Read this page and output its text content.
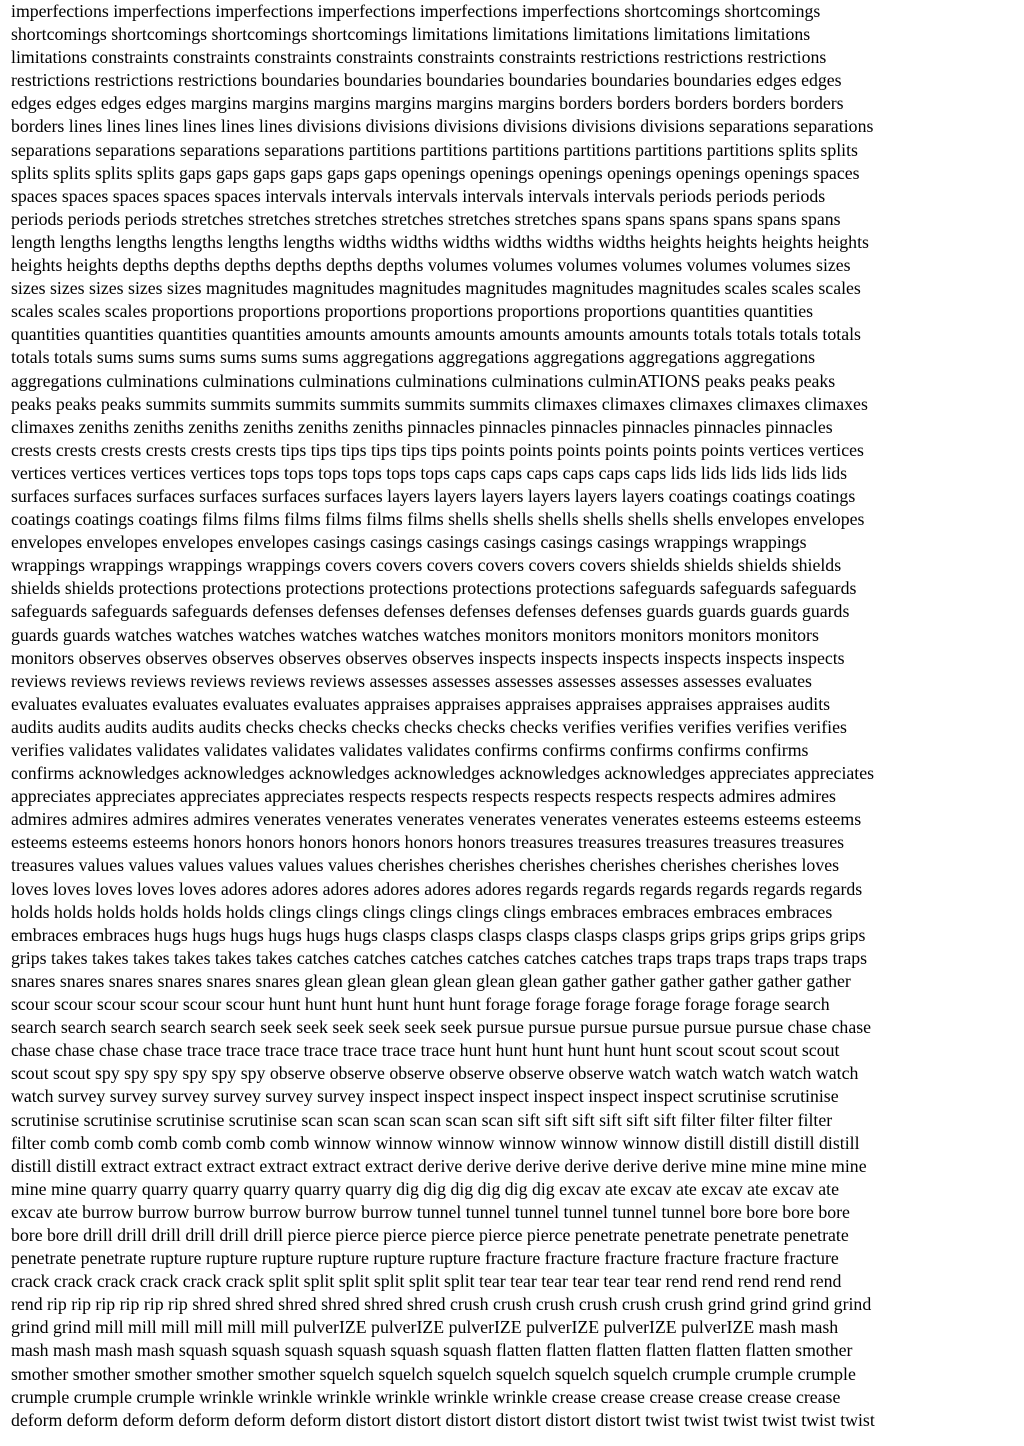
imperfections imperfections imperfections imperfections imperfections imperfections shortcomings shortcomings
shortcomings shortcomings shortcomings shortcomings limitations limitations limitations limitations limitations
limitations constraints constraints constraints constraints constraints constraints restrictions restrictions restrictions
restrictions restrictions restrictions boundaries boundaries boundaries boundaries boundaries boundaries edges edges
edges edges edges edges margins margins margins margins margins margins borders borders borders borders borders
borders lines lines lines lines lines lines divisions divisions divisions divisions divisions divisions separations separations
separations separations separations separations partitions partitions partitions partitions partitions partitions splits splits
splits splits splits splits gaps gaps gaps gaps gaps gaps openings openings openings openings openings openings spaces
spaces spaces spaces spaces spaces intervals intervals intervals intervals intervals intervals periods periods periods
periods periods periods stretches stretches stretches stretches stretches stretches spans spans spans spans spans spans
length lengths lengths lengths lengths lengths widths widths widths widths widths widths heights heights heights heights
heights heights depths depths depths depths depths depths volumes volumes volumes volumes volumes volumes sizes
sizes sizes sizes sizes sizes magnitudes magnitudes magnitudes magnitudes magnitudes magnitudes scales scales scales
scales scales scales proportions proportions proportions proportions proportions proportions quantities quantities
quantities quantities quantities quantities amounts amounts amounts amounts amounts amounts totals totals totals totals
totals totals sums sums sums sums sums sums aggregations aggregations aggregations aggregations aggregations
aggregations culminations culminations culminations culminations culminations culminATIONS peaks peaks peaks
peaks peaks peaks summits summits summits summits summits summits climaxes climaxes climaxes climaxes climaxes
climaxes zeniths zeniths zeniths zeniths zeniths zeniths pinnacles pinnacles pinnacles pinnacles pinnacles pinnacles
crests crests crests crests crests crests tips tips tips tips tips tips points points points points points points vertices vertices
vertices vertices vertices vertices tops tops tops tops tops tops caps caps caps caps caps caps lids lids lids lids lids lids
surfaces surfaces surfaces surfaces surfaces surfaces layers layers layers layers layers layers coatings coatings coatings
coatings coatings coatings films films films films films films shells shells shells shells shells shells envelopes envelopes
envelopes envelopes envelopes envelopes casings casings casings casings casings casings wrappings wrappings
wrappings wrappings wrappings wrappings covers covers covers covers covers covers shields shields shields shields
shields shields protections protections protections protections protections protections safeguards safeguards safeguards
safeguards safeguards safeguards defenses defenses defenses defenses defenses defenses guards guards guards guards
guards guards watches watches watches watches watches watches monitors monitors monitors monitors monitors
monitors observes observes observes observes observes observes inspects inspects inspects inspects inspects inspects
reviews reviews reviews reviews reviews reviews assesses assesses assesses assesses assesses assesses evaluates
evaluates evaluates evaluates evaluates evaluates appraises appraises appraises appraises appraises appraises audits
audits audits audits audits audits checks checks checks checks checks checks verifies verifies verifies verifies verifies
verifies validates validates validates validates validates validates confirms confirms confirms confirms confirms
confirms acknowledges acknowledges acknowledges acknowledges acknowledges acknowledges appreciates appreciates
appreciates appreciates appreciates appreciates respects respects respects respects respects respects admires admires
admires admires admires admires venerates venerates venerates venerates venerates venerates esteems esteems esteems
esteems esteems esteems honors honors honors honors honors honors treasures treasures treasures treasures treasures
treasures values values values values values values cherishes cherishes cherishes cherishes cherishes cherishes loves
loves loves loves loves loves adores adores adores adores adores adores regards regards regards regards regards regards
holds holds holds holds holds holds clings clings clings clings clings clings embraces embraces embraces embraces
embraces embraces hugs hugs hugs hugs hugs hugs clasps clasps clasps clasps clasps clasps grips grips grips grips grips
grips takes takes takes takes takes takes catches catches catches catches catches catches traps traps traps traps traps traps
snares snares snares snares snares snares glean glean glean glean glean glean gather gather gather gather gather gather
scour scour scour scour scour scour hunt hunt hunt hunt hunt hunt forage forage forage forage forage forage search
search search search search search seek seek seek seek seek seek pursue pursue pursue pursue pursue pursue chase chase
chase chase chase chase trace trace trace trace trace trace trace hunt hunt hunt hunt hunt hunt scout scout scout scout
scout scout spy spy spy spy spy spy observe observe observe observe observe observe watch watch watch watch watch
watch survey survey survey survey survey survey inspect inspect inspect inspect inspect inspect scrutinise scrutinise
scrutinise scrutinise scrutinise scrutinise scan scan scan scan scan scan sift sift sift sift sift sift filter filter filter filter
filter comb comb comb comb comb comb winnow winnow winnow winnow winnow winnow distill distill distill distill
distill distill extract extract extract extract extract extract derive derive derive derive derive derive mine mine mine mine
mine mine quarry quarry quarry quarry quarry quarry dig dig dig dig dig dig excav ate excav ate excav ate excav ate
excav ate burrow burrow burrow burrow burrow burrow tunnel tunnel tunnel tunnel tunnel tunnel bore bore bore bore
bore bore drill drill drill drill drill drill pierce pierce pierce pierce pierce pierce penetrate penetrate penetrate penetrate
penetrate penetrate rupture rupture rupture rupture rupture rupture fracture fracture fracture fracture fracture fracture
crack crack crack crack crack crack split split split split split split tear tear tear tear tear tear rend rend rend rend rend
rend rip rip rip rip rip rip shred shred shred shred shred shred crush crush crush crush crush crush grind grind grind grind
grind grind mill mill mill mill mill mill pulverIZE pulverIZE pulverIZE pulverIZE pulverIZE pulverIZE mash mash
mash mash mash mash squash squash squash squash squash squash flatten flatten flatten flatten flatten flatten smother
smother smother smother smother smother squelch squelch squelch squelch squelch squelch crumple crumple crumple
crumple crumple crumple wrinkle wrinkle wrinkle wrinkle wrinkle wrinkle crease crease crease crease crease crease
deform deform deform deform deform deform distort distort distort distort distort distort twist twist twist twist twist twist
